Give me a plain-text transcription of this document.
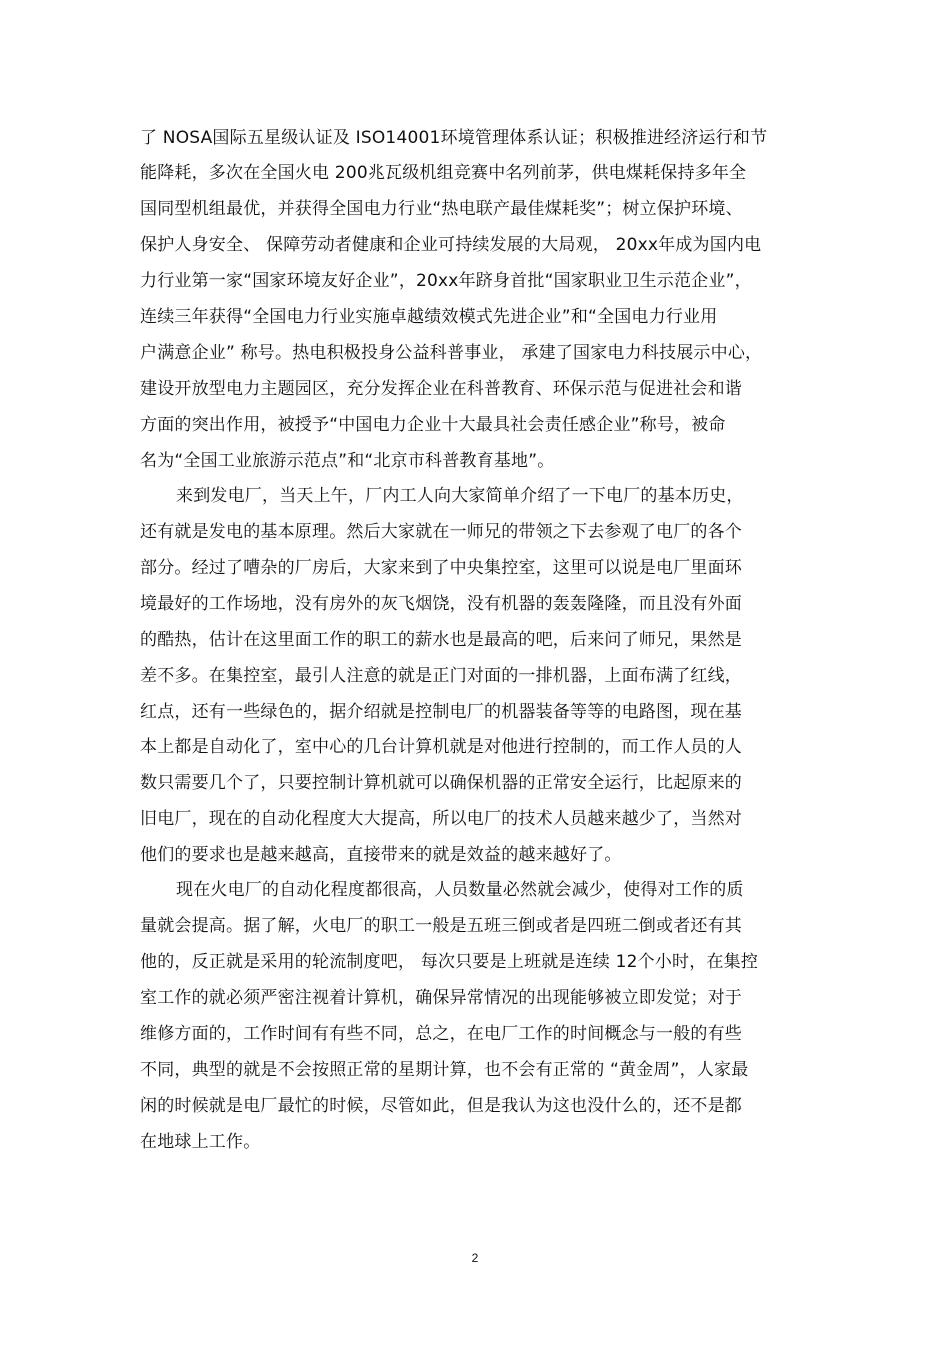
了 NOSA国际五星级认证及 ISO14001环境管理体系认证；积极推进经济运行和节
能降耗，多次在全国火电 200兆瓦级机组竞赛中名列前茅，供电煤耗保持多年全
国同型机组最优，并获得全国电力行业“热电联产最佳煤耗奖”；树立保护环境、
保护人身安全、 保障劳动者健康和企业可持续发展的大局观， 20xx年成为国内电
力行业第一家“国家环境友好企业”，20xx年跻身首批“国家职业卫生示范企业”，
连续三年获得“全国电力行业实施卓越绩效模式先进企业”和“全国电力行业用
户满意企业” 称号。热电积极投身公益科普事业， 承建了国家电力科技展示中心，
建设开放型电力主题园区，充分发挥企业在科普教育、环保示范与促进社会和谐
方面的突出作用，被授予“中国电力企业十大最具社会责任感企业”称号，被命
名为“全国工业旅游示范点”和“北京市科普教育基地”。
来到发电厂，当天上午，厂内工人向大家简单介绍了一下电厂的基本历史，
还有就是发电的基本原理。然后大家就在一师兄的带领之下去参观了电厂的各个
部分。经过了嘈杂的厂房后，大家来到了中央集控室，这里可以说是电厂里面环
境最好的工作场地，没有房外的灰飞烟饶，没有机器的轰轰隆隆，而且没有外面
的酷热，估计在这里面工作的职工的薪水也是最高的吧，后来问了师兄，果然是
差不多。在集控室，最引人注意的就是正门对面的一排机器，上面布满了红线，
红点，还有一些绿色的，据介绍就是控制电厂的机器装备等等的电路图，现在基
本上都是自动化了，室中心的几台计算机就是对他进行控制的，而工作人员的人
数只需要几个了，只要控制计算机就可以确保机器的正常安全运行，比起原来的
旧电厂，现在的自动化程度大大提高，所以电厂的技术人员越来越少了，当然对
他们的要求也是越来越高，直接带来的就是效益的越来越好了。
现在火电厂的自动化程度都很高，人员数量必然就会减少，使得对工作的质
量就会提高。据了解，火电厂的职工一般是五班三倒或者是四班二倒或者还有其
他的，反正就是采用的轮流制度吧， 每次只要是上班就是连续 12个小时，在集控
室工作的就必须严密注视着计算机，确保异常情况的出现能够被立即发觉；对于
维修方面的，工作时间有有些不同，总之，在电厂工作的时间概念与一般的有些
不同，典型的就是不会按照正常的星期计算，也不会有正常的 “黄金周”，人家最
闲的时候就是电厂最忙的时候，尽管如此，但是我认为这也没什么的，还不是都
在地球上工作。
2
